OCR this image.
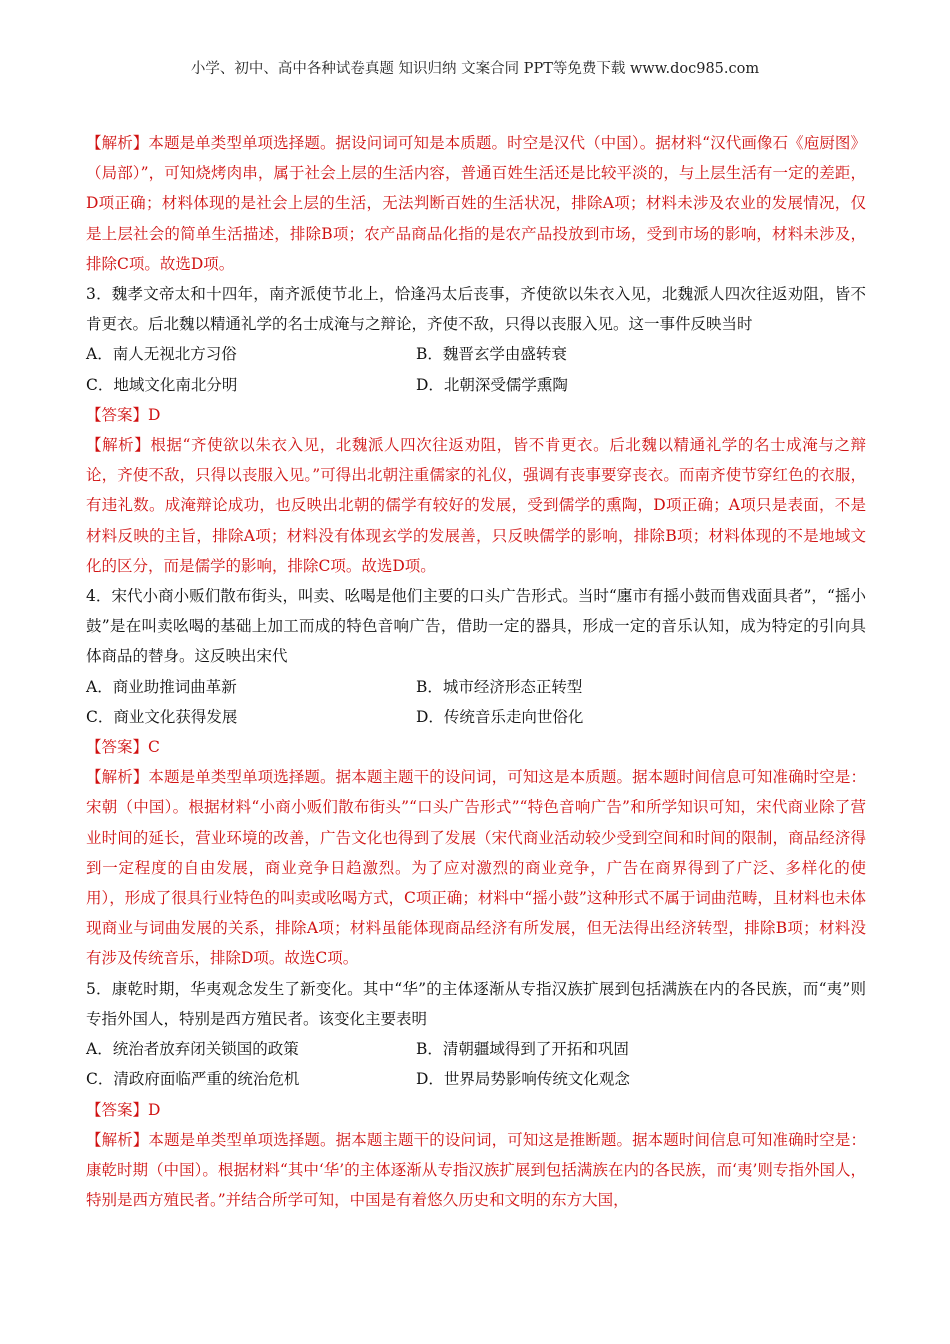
小学、初中、高中各种试卷真题 知识归纳 文案合同 PPT等免费下载 www.doc985.com

【解析】本题是单类型单项选择题。据设问词可知是本质题。时空是汉代（中国）。据材料“汉代画像石《庖厨图》（局部）”，可知烧烤肉串，属于社会上层的生活内容，普通百姓生活还是比较平淡的，与上层生活有一定的差距，D项正确；材料体现的是社会上层的生活，无法判断百姓的生活状况，排除A项；材料未涉及农业的发展情况，仅是上层社会的简单生活描述，排除B项；农产品商品化指的是农产品投放到市场，受到市场的影响，材料未涉及，排除C项。故选D项。

3．魏孝文帝太和十四年，南齐派使节北上，恰逢冯太后丧事，齐使欲以朱衣入见，北魏派人四次往返劝阻，皆不肯更衣。后北魏以精通礼学的名士成淹与之辩论，齐使不敌，只得以丧服入见。这一事件反映当时

A．南人无视北方习俗	B．魏晋玄学由盛转衰

C．地域文化南北分明	D．北朝深受儒学熏陶

【答案】D

【解析】根据“齐使欲以朱衣入见，北魏派人四次往返劝阻，皆不肯更衣。后北魏以精通礼学的名士成淹与之辩论，齐使不敌，只得以丧服入见。”可得出北朝注重儒家的礼仪，强调有丧事要穿丧衣。而南齐使节穿红色的衣服，有违礼数。成淹辩论成功，也反映出北朝的儒学有较好的发展，受到儒学的熏陶，D项正确；A项只是表面，不是材料反映的主旨，排除A项；材料没有体现玄学的发展善，只反映儒学的影响，排除B项；材料体现的不是地域文化的区分，而是儒学的影响，排除C项。故选D项。

4．宋代小商小贩们散布街头，叫卖、吆喝是他们主要的口头广告形式。当时“廛市有摇小鼓而售戏面具者”，“摇小鼓”是在叫卖吆喝的基础上加工而成的特色音响广告，借助一定的器具，形成一定的音乐认知，成为特定的引向具体商品的替身。这反映出宋代

A．商业助推词曲革新	B．城市经济形态正转型

C．商业文化获得发展	D．传统音乐走向世俗化

【答案】C

【解析】本题是单类型单项选择题。据本题主题干的设问词，可知这是本质题。据本题时间信息可知准确时空是：宋朝（中国）。根据材料“小商小贩们散布街头”“口头广告形式”“特色音响广告”和所学知识可知，宋代商业除了营业时间的延长，营业环境的改善，广告文化也得到了发展（宋代商业活动较少受到空间和时间的限制，商品经济得到一定程度的自由发展，商业竞争日趋激烈。为了应对激烈的商业竞争，广告在商界得到了广泛、多样化的使用），形成了很具行业特色的叫卖或吆喝方式，C项正确；材料中“摇小鼓”这种形式不属于词曲范畴，且材料也未体现商业与词曲发展的关系，排除A项；材料虽能体现商品经济有所发展，但无法得出经济转型，排除B项；材料没有涉及传统音乐，排除D项。故选C项。

5．康乾时期，华夷观念发生了新变化。其中“华”的主体逐渐从专指汉族扩展到包括满族在内的各民族，而“夷”则专指外国人，特别是西方殖民者。该变化主要表明

A．统治者放弃闭关锁国的政策	B．清朝疆域得到了开拓和巩固

C．清政府面临严重的统治危机	D．世界局势影响传统文化观念

【答案】D

【解析】本题是单类型单项选择题。据本题主题干的设问词，可知这是推断题。据本题时间信息可知准确时空是：康乾时期（中国）。根据材料“其中‘华’的主体逐渐从专指汉族扩展到包括满族在内的各民族，而‘夷’则专指外国人，特别是西方殖民者。”并结合所学可知，中国是有着悠久历史和文明的东方大国，
